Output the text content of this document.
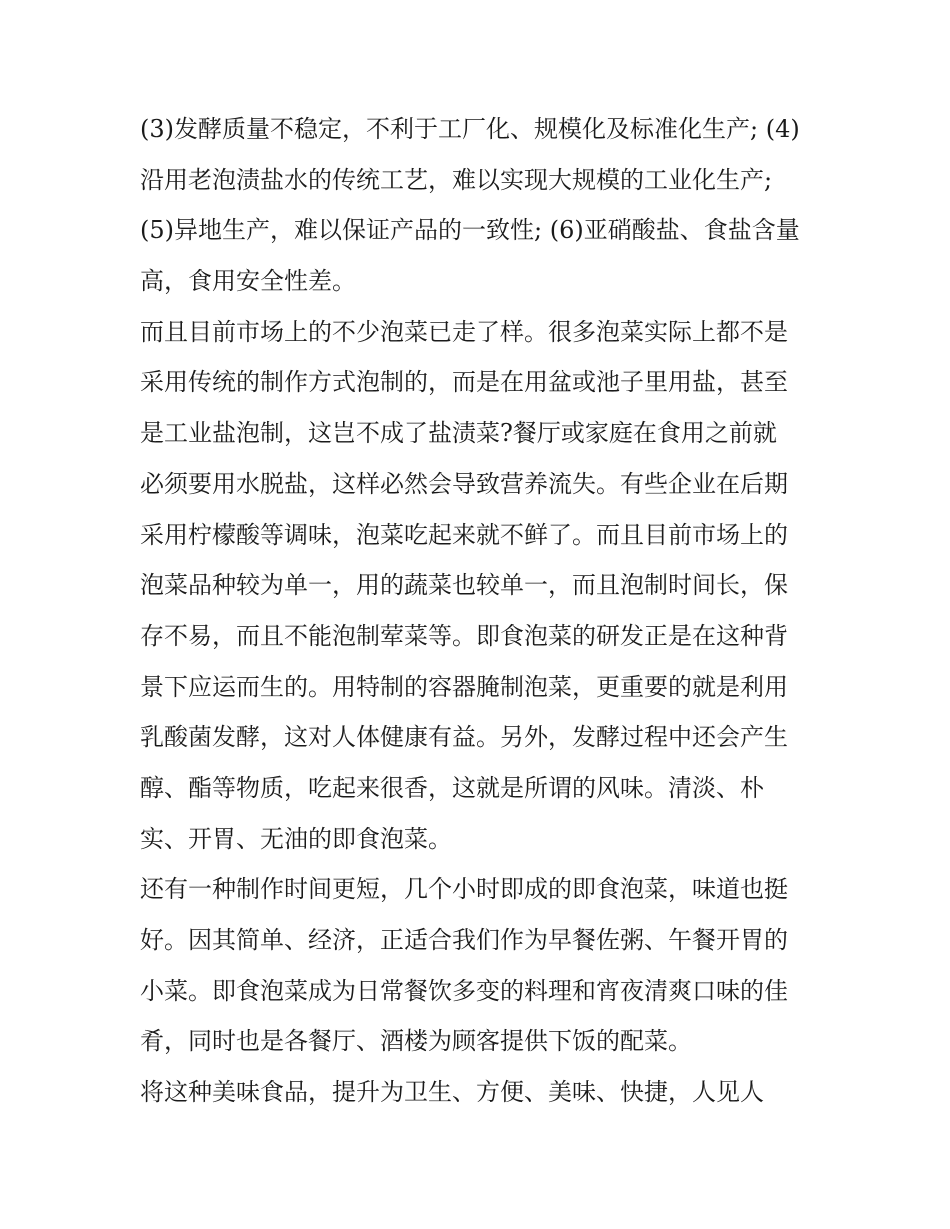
(3)发酵质量不稳定，不利于工厂化、规模化及标准化生产; (4)
沿用老泡渍盐水的传统工艺，难以实现大规模的工业化生产;
(5)异地生产，难以保证产品的一致性; (6)亚硝酸盐、食盐含量
高，食用安全性差。
而且目前市场上的不少泡菜已走了样。很多泡菜实际上都不是
采用传统的制作方式泡制的，而是在用盆或池子里用盐，甚至
是工业盐泡制，这岂不成了盐渍菜?餐厅或家庭在食用之前就
必须要用水脱盐，这样必然会导致营养流失。有些企业在后期
采用柠檬酸等调味，泡菜吃起来就不鲜了。而且目前市场上的
泡菜品种较为单一，用的蔬菜也较单一，而且泡制时间长，保
存不易，而且不能泡制荤菜等。即食泡菜的研发正是在这种背
景下应运而生的。用特制的容器腌制泡菜，更重要的就是利用
乳酸菌发酵，这对人体健康有益。另外，发酵过程中还会产生
醇、酯等物质，吃起来很香，这就是所谓的风味。清淡、朴
实、开胃、无油的即食泡菜。
还有一种制作时间更短，几个小时即成的即食泡菜，味道也挺
好。因其简单、经济，正适合我们作为早餐佐粥、午餐开胃的
小菜。即食泡菜成为日常餐饮多变的料理和宵夜清爽口味的佳
肴，同时也是各餐厅、酒楼为顾客提供下饭的配菜。
将这种美味食品，提升为卫生、方便、美味、快捷，人见人
